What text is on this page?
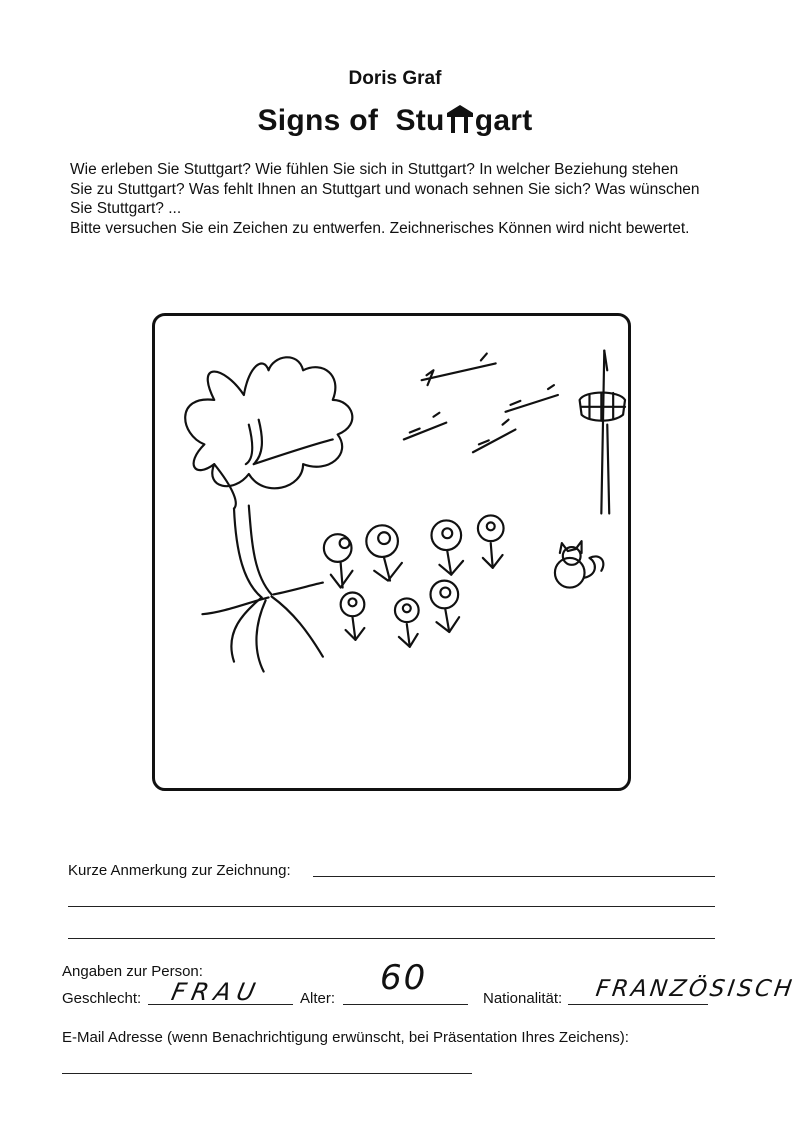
Doris Graf
Signs of Stu gart

Wie erleben Sie Stuttgart? Wie fühlen Sie sich in Stuttgart? In welcher Beziehung stehen

Sie zu Stuttgart? Was fehlt Ihnen an Stuttgart und wonach sehnen Sie sich? Was wünschen

Sie Stuttgart? ...

Bitte versuchen Sie ein Zeichen zu entwerfen. Zeichnerisches Können wird nicht bewertet.

Kurze Anmerkung zur Zeichnung:
Angaben zur Person:
Geschlecht: FRAU Alter:
60
Nationalität: FRANZÖSISCH
E-Mail Adresse (wenn Benachrichtigung erwünscht, bei Präsentation Ihres Zeichens):
